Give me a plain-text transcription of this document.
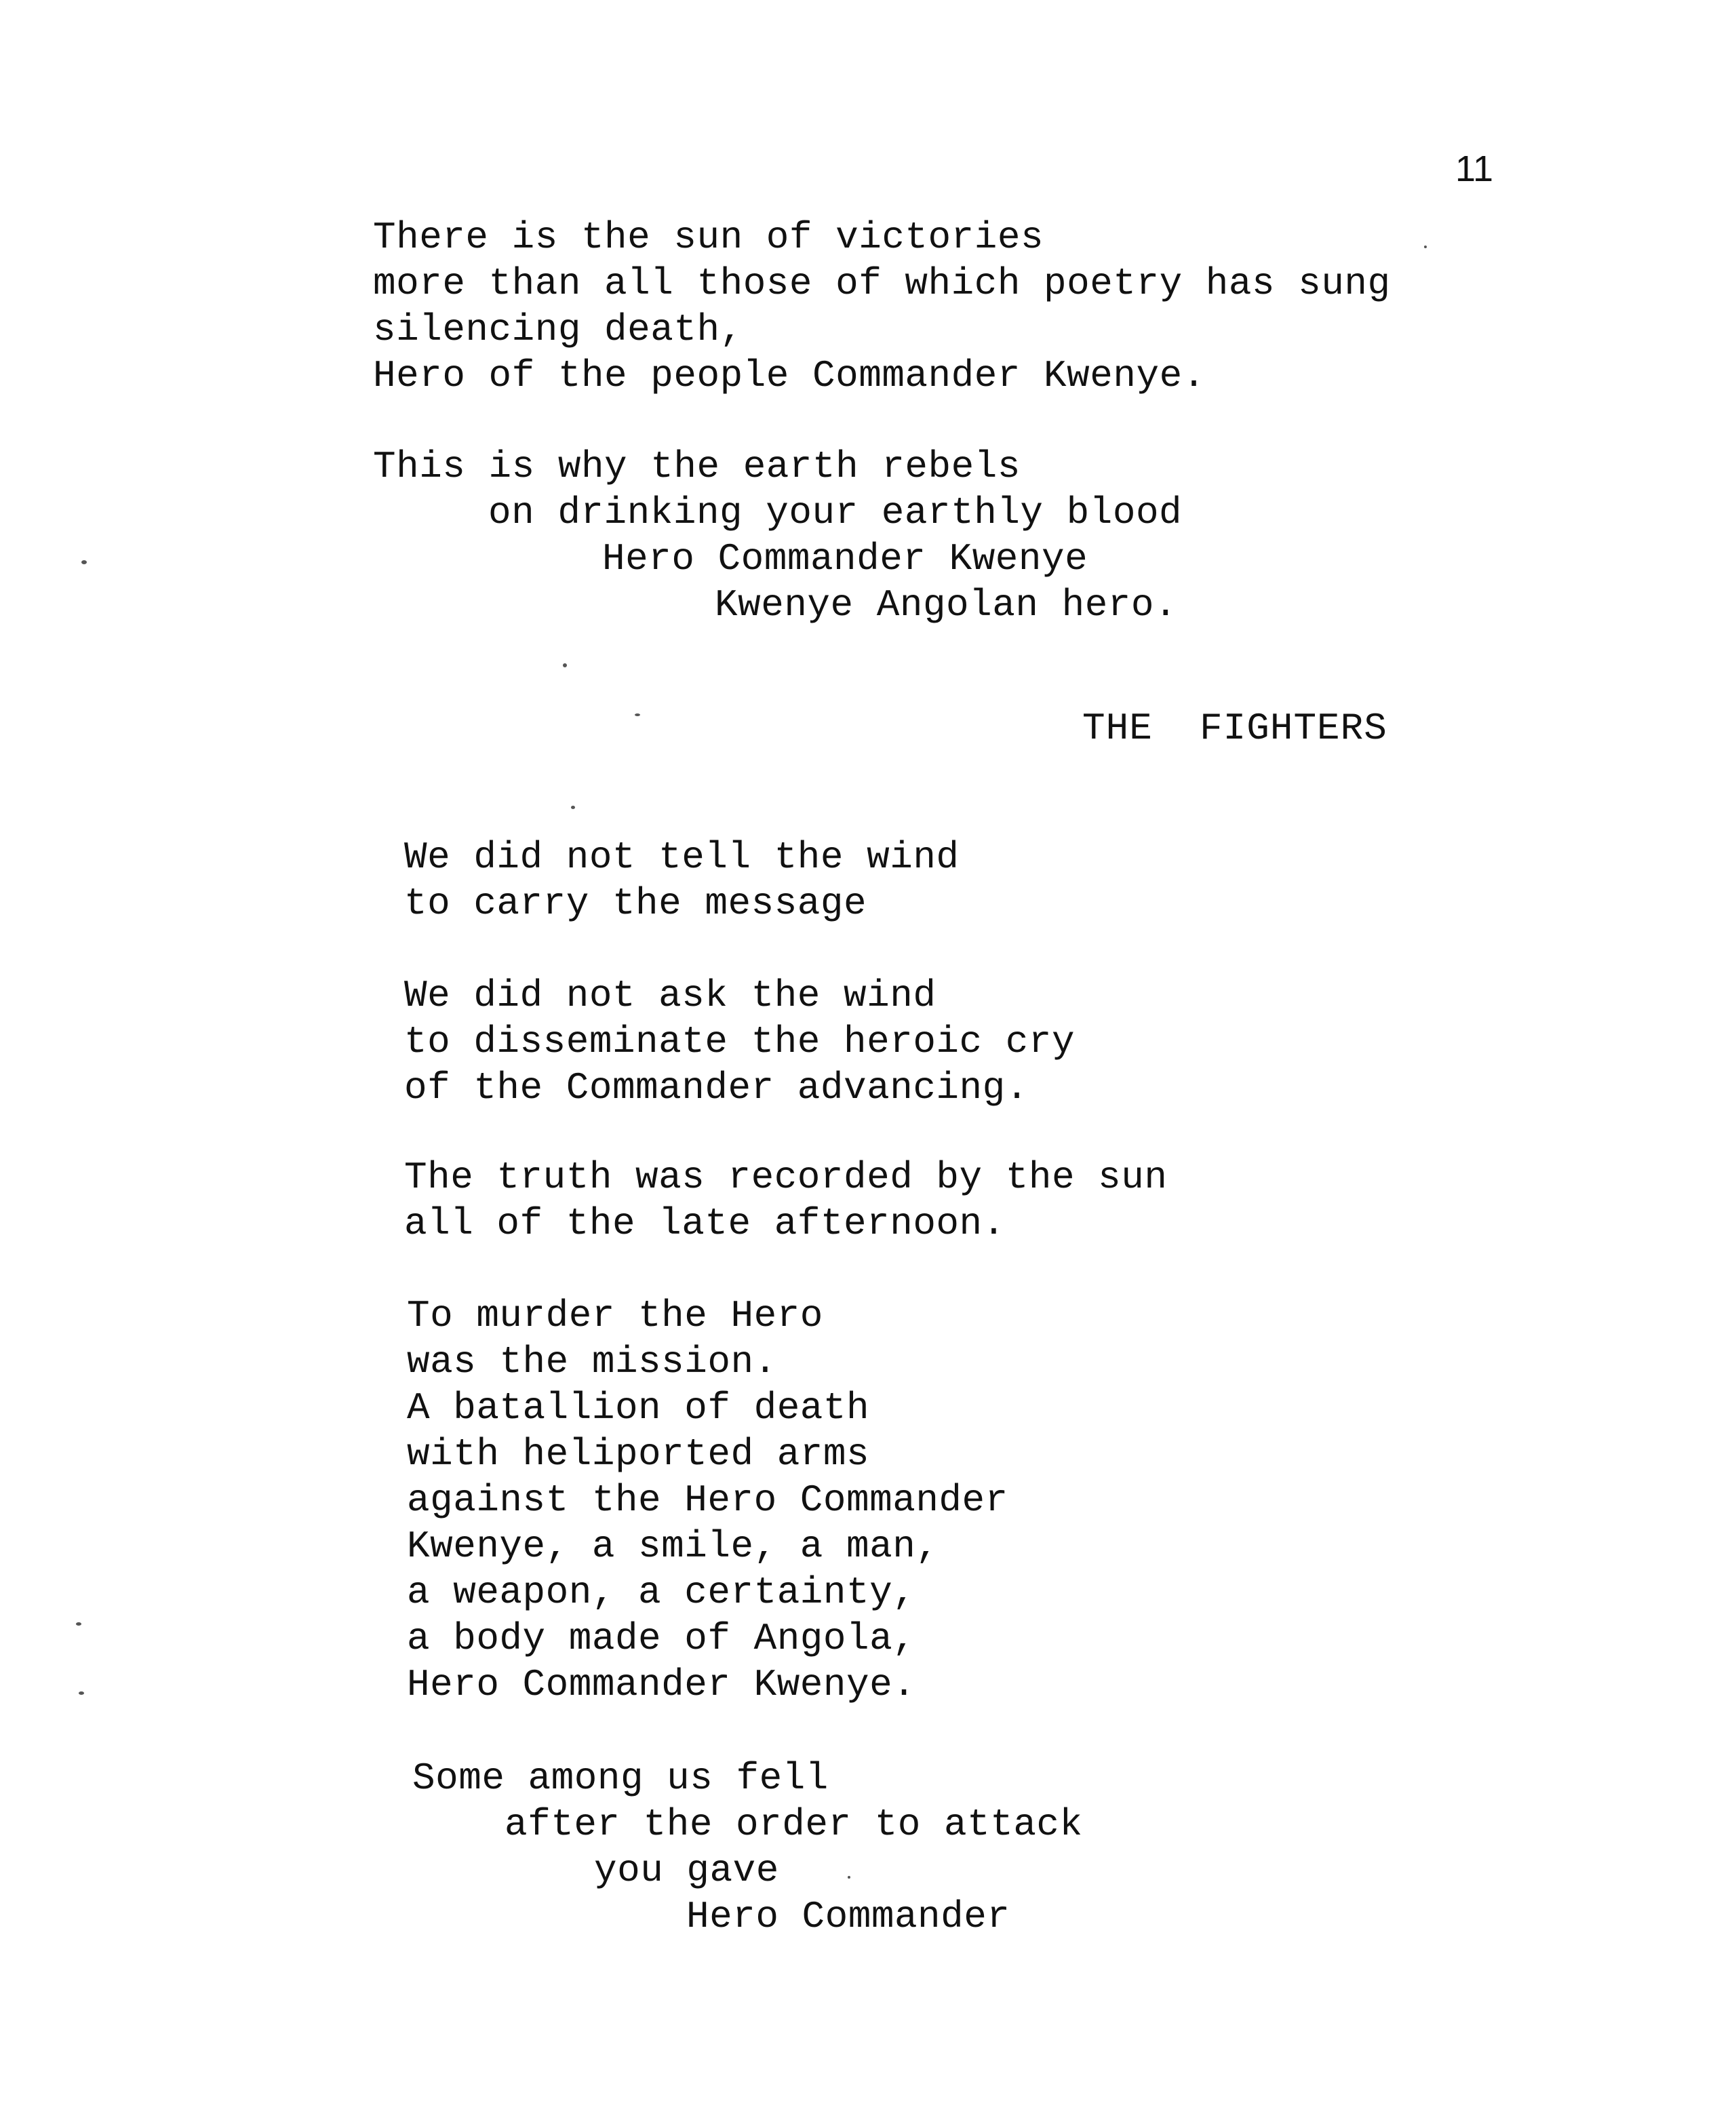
11
There is the sun of victories
more than all those of which poetry has sung
silencing death,
Hero of the people Commander Kwenye.
This is why the earth rebels
on drinking your earthly blood
Hero Commander Kwenye
Kwenye Angolan hero.
THE  FIGHTERS
We did not tell the wind
to carry the message
We did not ask the wind
to disseminate the heroic cry
of the Commander advancing.
The truth was recorded by the sun
all of the late afternoon.
To murder the Hero
was the mission.
A batallion of death
with heliported arms
against the Hero Commander
Kwenye, a smile, a man,
a weapon, a certainty,
a body made of Angola,
Hero Commander Kwenye.
Some among us fell
after the order to attack
you gave
Hero Commander
